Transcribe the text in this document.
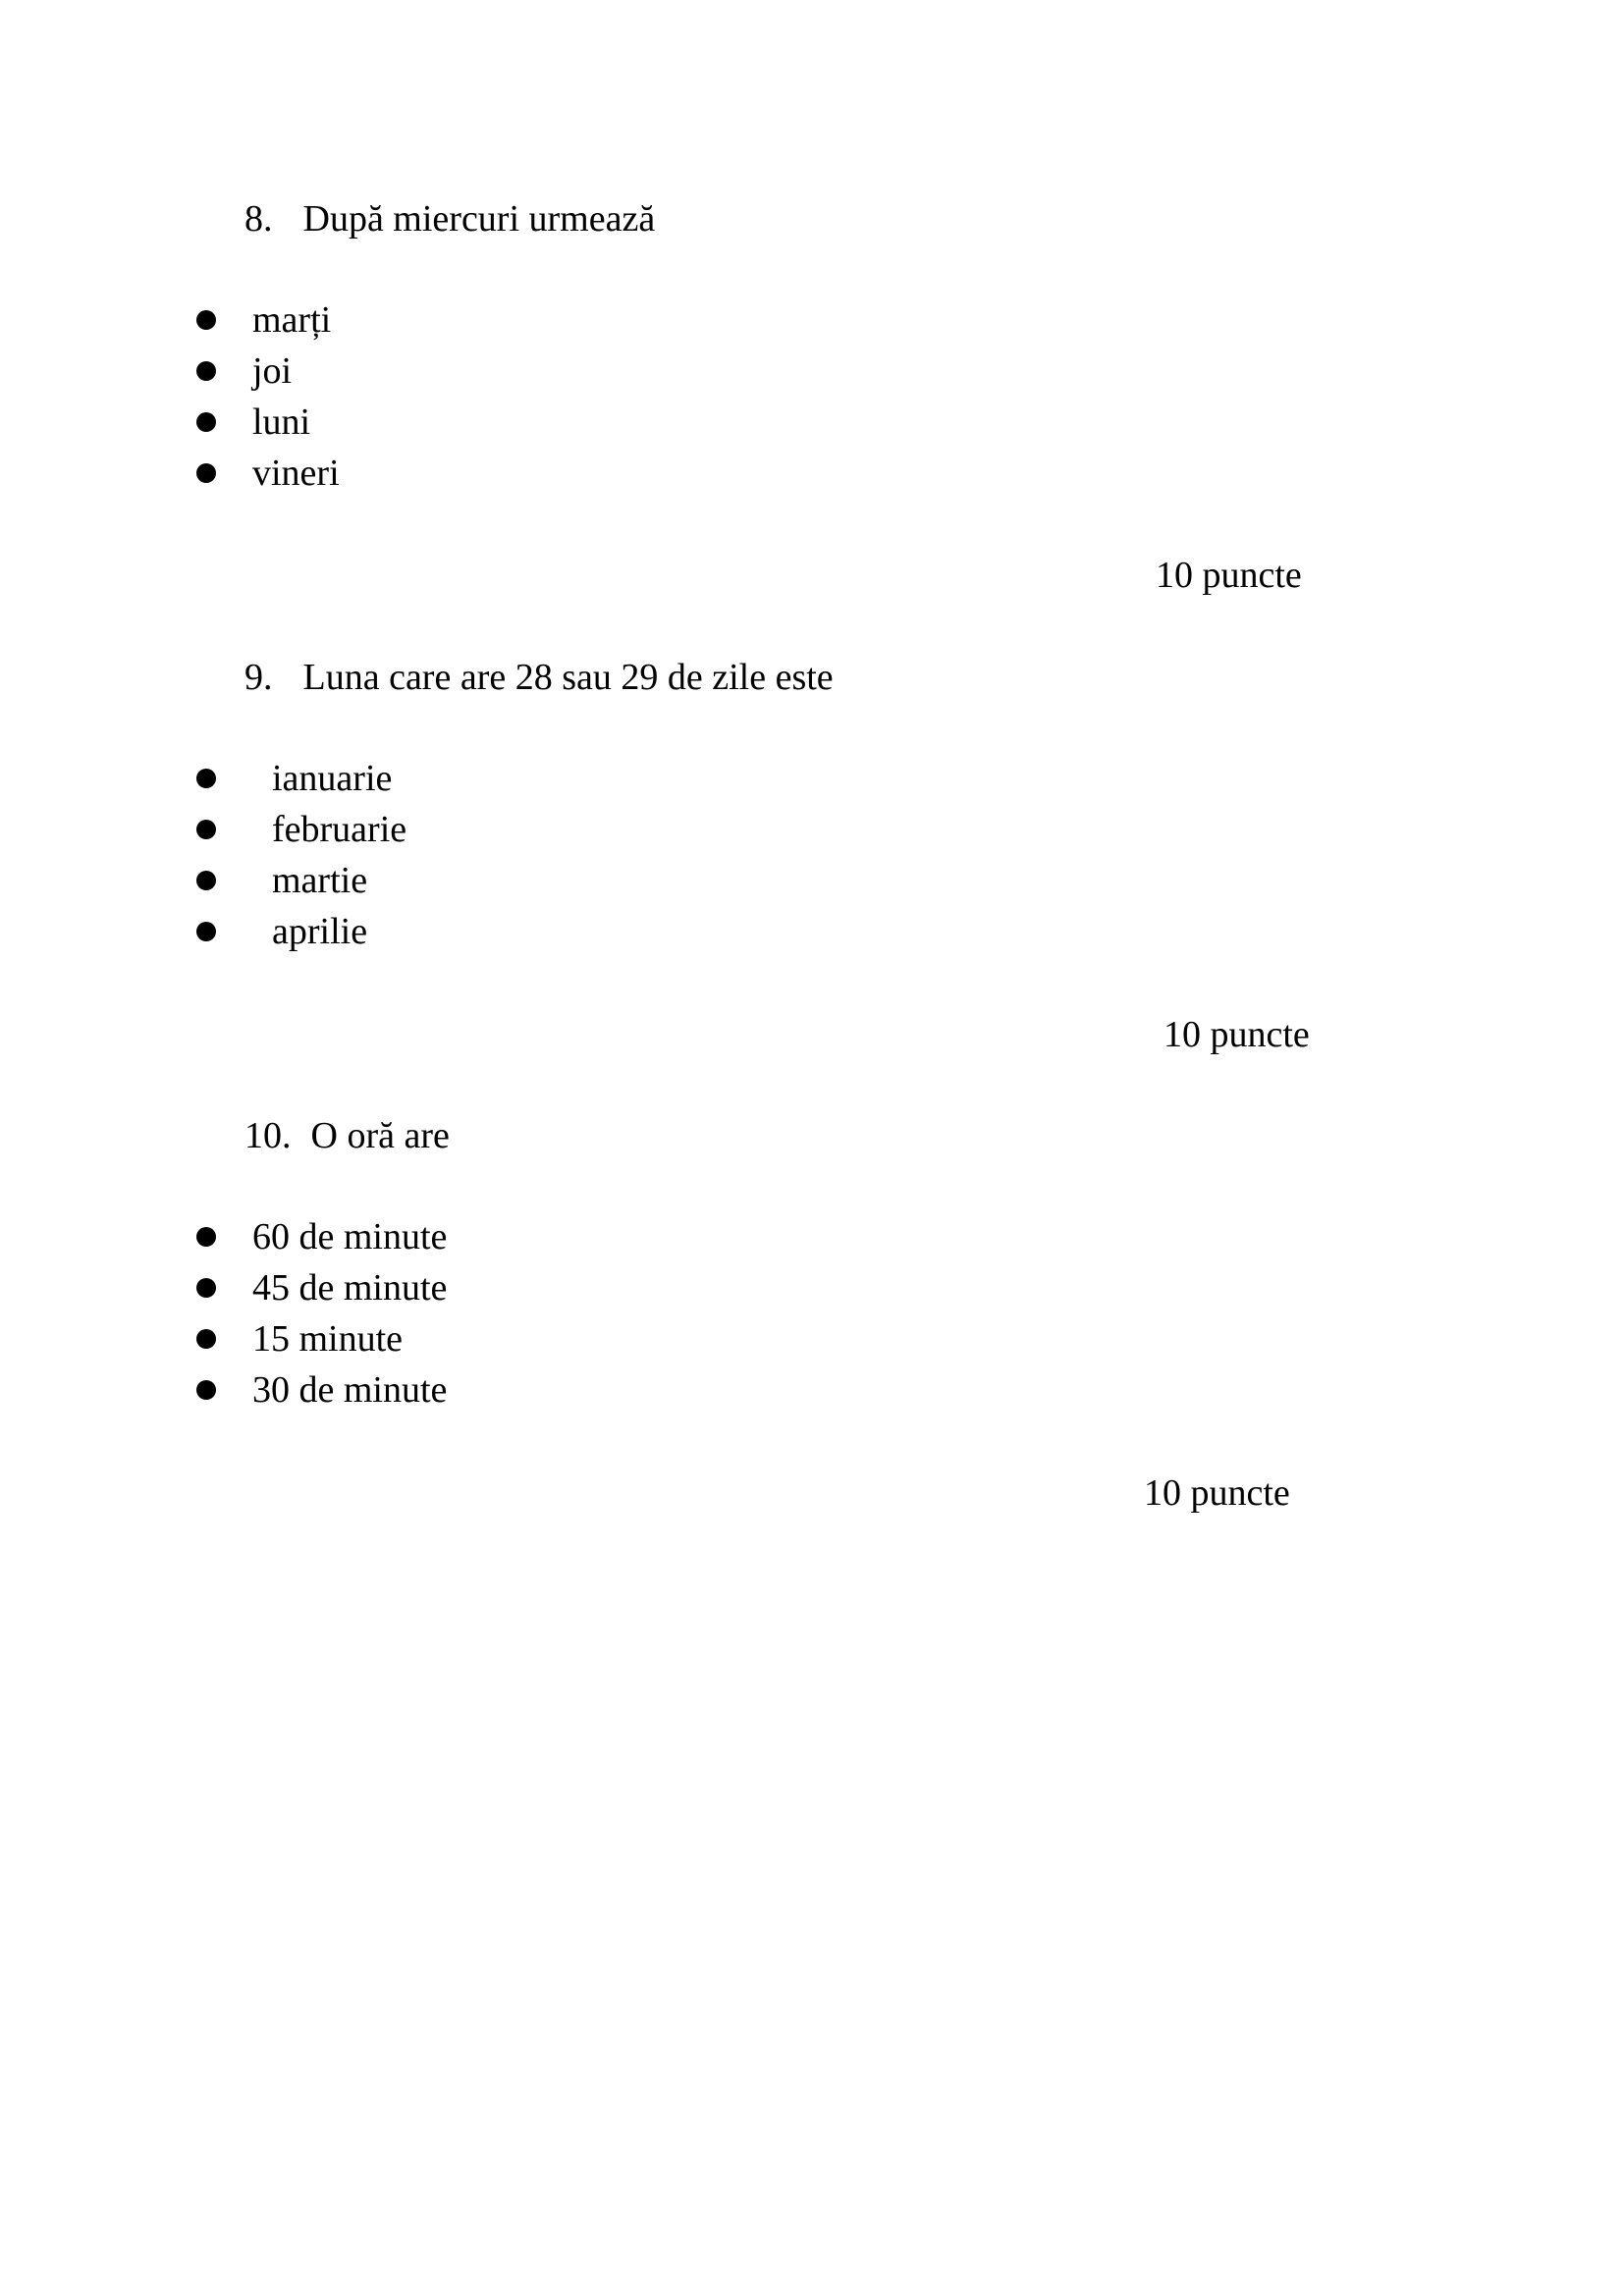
8. După miercuri urmează
marți
joi
luni
vineri
10 puncte
9. Luna care are 28 sau 29 de zile este
ianuarie
februarie
martie
aprilie
10 puncte
10. O oră are
60 de minute
45 de minute
15 minute
30 de minute
10 puncte
